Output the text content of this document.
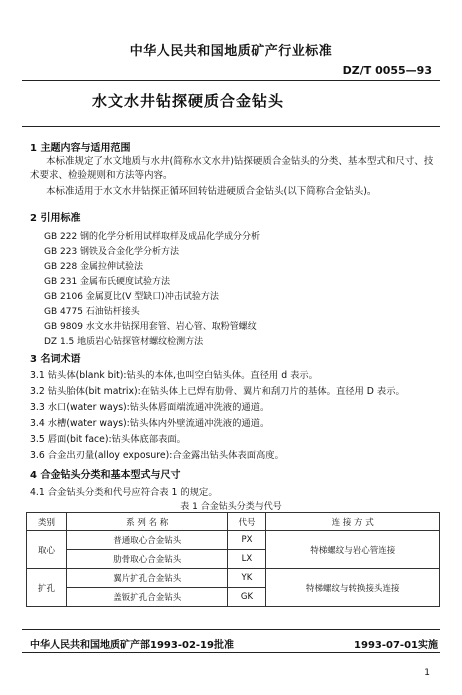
中华人民共和国地质矿产行业标准
DZ/T 0055—93
水文水井钻探硬质合金钻头
1 主题内容与适用范围
本标准规定了水文地质与水井(简称水文水井)钻探硬质合金钻头的分类、基本型式和尺寸、技术要求、检验规则和方法等内容。
本标准适用于水文水井钻探正循环回转钻进硬质合金钻头(以下简称合金钻头)。
2 引用标准
GB 222 钢的化学分析用试样取样及成品化学成分分析
GB 223 钢铁及合金化学分析方法
GB 228 金属拉伸试验法
GB 231 金属布氏硬度试验方法
GB 2106 金属夏比(V 型缺口)冲击试验方法
GB 4775 石油钻杆接头
GB 9809 水文水井钻探用套管、岩心管、取粉管螺纹
DZ 1.5 地质岩心钻探管材螺纹检测方法
3 名词术语
3.1 钻头体(blank bit):钻头的本体,也叫空白钻头体。直径用 d 表示。
3.2 钻头胎体(bit matrix):在钻头体上已焊有肋骨、翼片和刮刀片的基体。直径用 D 表示。
3.3 水口(water ways):钻头体唇面端流通冲洗液的通道。
3.4 水槽(water ways):钻头体内外壁流通冲洗液的通道。
3.5 唇面(bit face):钻头体底部表面。
3.6 合金出刃量(alloy exposure):合金露出钻头体表面高度。
4 合金钻头分类和基本型式与尺寸
4.1 合金钻头分类和代号应符合表 1 的规定。
表 1 合金钻头分类与代号
类别	系 列 名 称	代号	连 接 方 式
取心	普通取心合金钻头	PX	特梯螺纹与岩心管连接
	肋骨取心合金钻头	LX	
扩孔	翼片扩孔合金钻头	YK	特梯螺纹与转换接头连接
	盖钣扩孔合金钻头	GK	
中华人民共和国地质矿产部1993-02-19批准	1993-07-01实施
1
